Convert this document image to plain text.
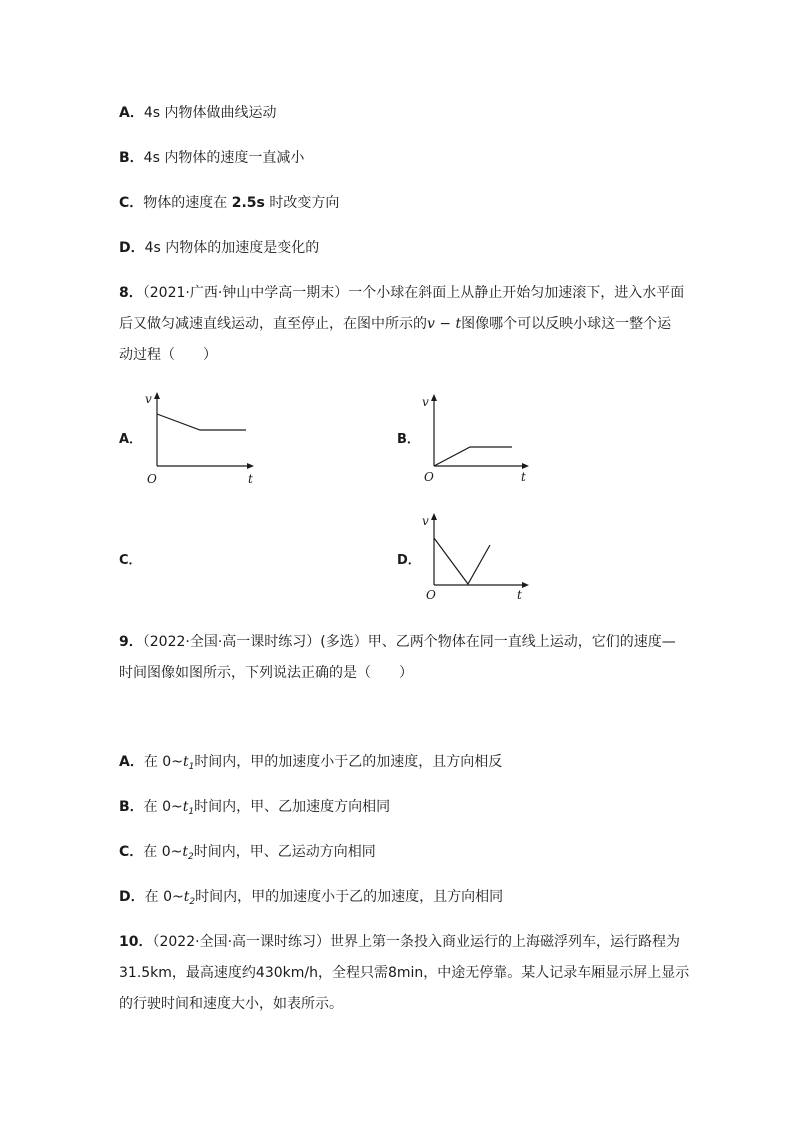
A．4s 内物体做曲线运动
B．4s 内物体的速度一直减小
C．物体的速度在 2.5s 时改变方向
D．4s 内物体的加速度是变化的
8．（2021·广西·钟山中学高一期末）一个小球在斜面上从静止开始匀加速滚下，进入水平面
后又做匀减速直线运动，直至停止，在图中所示的v − t图像哪个可以反映小球这一整个运
动过程（　　）
A．	B．
C．	D．
v
O	t
v
O	t
v
O	t
9．（2022·全国·高一课时练习）(多选）甲、乙两个物体在同一直线上运动，它们的速度—
时间图像如图所示，下列说法正确的是（　　）
A．在 $0\sim t_1$时间内，甲的加速度小于乙的加速度，且方向相反
B．在 $0\sim t_1$时间内，甲、乙加速度方向相同
C．在 $0\sim t_2$时间内，甲、乙运动方向相同
D．在 $0\sim t_2$时间内，甲的加速度小于乙的加速度，且方向相同
10．（2022·全国·高一课时练习）世界上第一条投入商业运行的上海磁浮列车，运行路程为
31.5km，最高速度约430km/h，全程只需8min，中途无停靠。某人记录车厢显示屏上显示
的行驶时间和速度大小，如表所示。
